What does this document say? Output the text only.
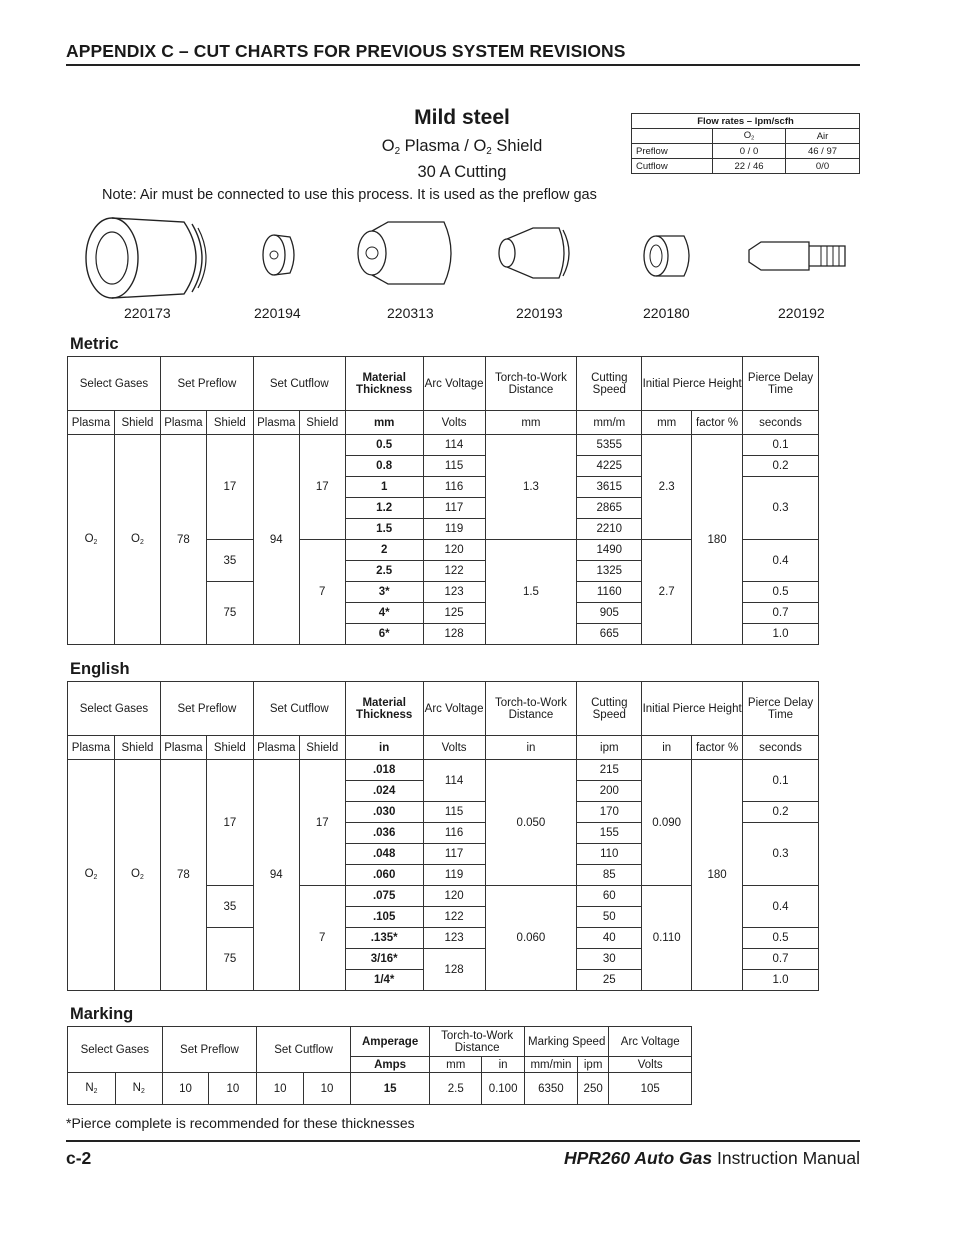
APPENDIX C – CUT CHARTS FOR PREVIOUS SYSTEM REVISIONS
Mild steel
$O_2$ Plasma / $O_2$ Shield
30 A Cutting
Note: Air must be connected to use this process. It is used as the preflow gas
Flow rates – lpm/scfh		
	$O_2$	Air
Preflow	0 / 0	46 / 97
Cutflow	22 / 46	0/0
220173	220194	220313	220193	220180	220192
Metric
Select Gases		Set Preflow		Set Cutflow		Material Thickness	Arc Voltage	Torch-to-Work Distance	Cutting Speed	Initial Pierce Height		Pierce Delay Time
Plasma	Shield	Plasma	Shield	Plasma	Shield	mm	Volts	mm	mm/m	mm	factor %	seconds
$O_2$	$O_2$	78	17	94	17	0.5	114	1.3	5355	2.3	180	0.1
						0.8	115		4225			0.2
						1	116		3615			0.3
						1.2	117		2865			
						1.5	119		2210			
			35		7	2	120	1.5	1490	2.7		0.4
						2.5	122		1325			
			75			3*	123		1160			0.5
						4*	125		905			0.7
						6*	128		665			1.0
English
Select Gases		Set Preflow		Set Cutflow		Material Thickness	Arc Voltage	Torch-to-Work Distance	Cutting Speed	Initial Pierce Height		Pierce Delay Time
Plasma	Shield	Plasma	Shield	Plasma	Shield	in	Volts	in	ipm	in	factor %	seconds
$O_2$	$O_2$	78	17	94	17	.018	114	0.050	215	0.090	180	0.1
						.024			200			
						.030	115		170			0.2
						.036	116		155			0.3
						.048	117		110			
						.060	119		85			
			35		7	.075	120	0.060	60	0.110		0.4
						.105	122		50			
			75			.135*	123		40			0.5
						3/16*	128		30			0.7
						1/4*			25			1.0
Marking
Select Gases		Set Preflow		Set Cutflow		Amperage	Torch-to-Work Distance		Marking Speed		Arc Voltage
						Amps	mm	in	mm/min	ipm	Volts
$N_2$	$N_2$	10	10	10	10	15	2.5	0.100	6350	250	105
*Pierce complete is recommended for these thicknesses
c-2	HPR260 Auto Gas Instruction Manual
